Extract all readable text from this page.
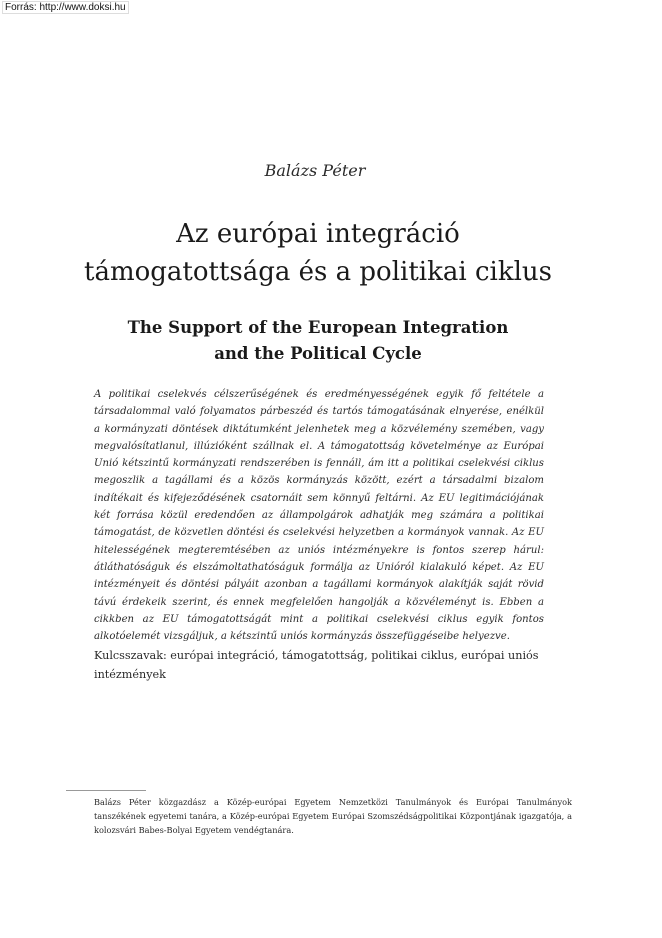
Forrás: http://www.doksi.hu
Balázs Péter
Az európai integráció
támogatottsága és a politikai ciklus
The Support of the European Integration
and the Political Cycle

A politikai cselekvés célszerűségének és eredményességének egyik fő feltétele a társadalommal való folyamatos párbeszéd és tartós támogatásának elnyerése, enélkül a kormányzati döntések diktátumként jelenhetek meg a közvélemény szemében, vagy megvalósítatlanul, illúzióként szállnak el. A támogatottság követelménye az Európai Unió kétszintű kormányzati rendszerében is fennáll, ám itt a politikai cselekvési ciklus megoszlik a tagállami és a közös kormányzás között, ezért a társadalmi bizalom indítékait és kifejeződésének csatornáit sem könnyű feltárni. Az EU legitimációjának két forrása közül eredendően az állampolgárok adhatják meg számára a politikai támogatást, de közvetlen döntési és cselekvési helyzetben a kormányok vannak. Az EU hitelességének megteremtésében az uniós intézményekre is fontos szerep hárul: átláthatóságuk és elszámoltathatóságuk formálja az Unióról kialakuló képet. Az EU intézményeit és döntési pályáit azonban a tagállami kormányok alakítják saját rövid távú érdekeik szerint, és ennek megfelelően hangolják a közvéleményt is. Ebben a cikkben az EU támogatottságát mint a politikai cselekvési ciklus egyik fontos alkotóelemét vizsgáljuk, a kétszintű uniós kormányzás összefüggéseibe helyezve.

Kulcsszavak: európai integráció, támogatottság, politikai ciklus, európai uniós intézmények

Balázs Péter közgazdász a Közép-európai Egyetem Nemzetközi Tanulmányok és Európai Tanulmányok tanszékének egyetemi tanára, a Közép-európai Egyetem Európai Szomszédságpolitikai Központjának igazgatója, a kolozsvári Babes-Bolyai Egyetem vendégtanára.
